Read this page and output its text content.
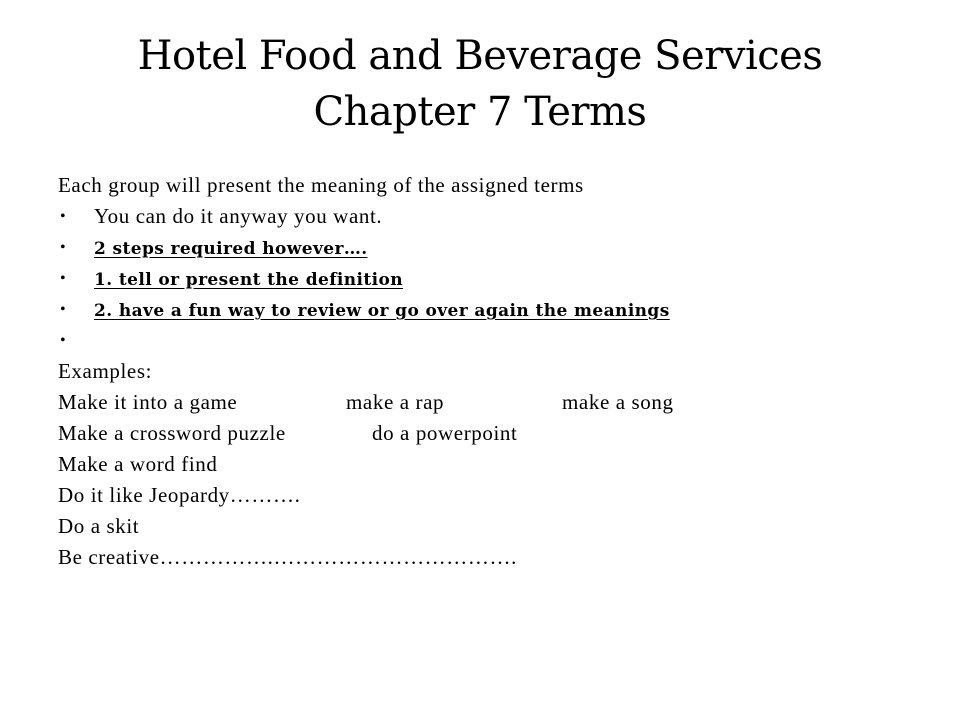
Hotel Food and Beverage Services
Chapter 7 Terms
Each group will present the meaning of the assigned terms
• You can do it anyway you want.
• 2 steps required however….
• 1. tell or present the definition
• 2. have a fun way to review or go over again the meanings
•
Examples:
Make it into a game	make a rap	make a song
Make a crossword puzzle	do a powerpoint
Make a word find
Do it like Jeopardy……….
Do a skit
Be creative…………….…………………………….
